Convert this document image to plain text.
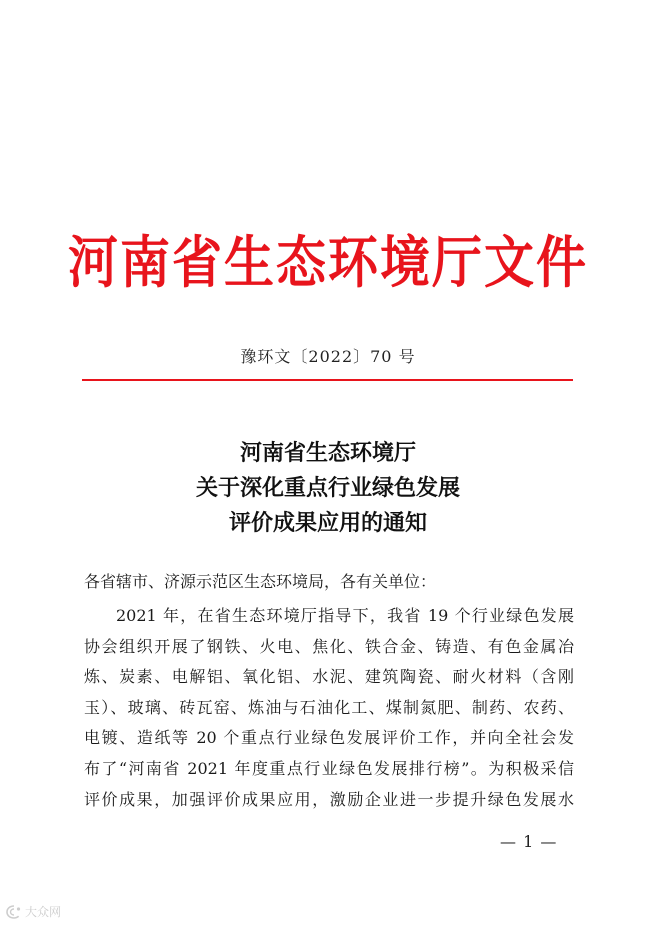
河南省生态环境厅文件
豫环文〔2022〕70 号
河南省生态环境厅
关于深化重点行业绿色发展
评价成果应用的通知
各省辖市、济源示范区生态环境局，各有关单位：
2021 年，在省生态环境厅指导下，我省 19 个行业绿色发展
协会组织开展了钢铁、火电、焦化、铁合金、铸造、有色金属冶
炼、炭素、电解铝、氧化铝、水泥、建筑陶瓷、耐火材料（含刚
玉）、玻璃、砖瓦窑、炼油与石油化工、煤制氮肥、制药、农药、
电镀、造纸等 20 个重点行业绿色发展评价工作，并向全社会发
布了“河南省 2021 年度重点行业绿色发展排行榜”。为积极采信
评价成果，加强评价成果应用，激励企业进一步提升绿色发展水
— 1 —
大众网
